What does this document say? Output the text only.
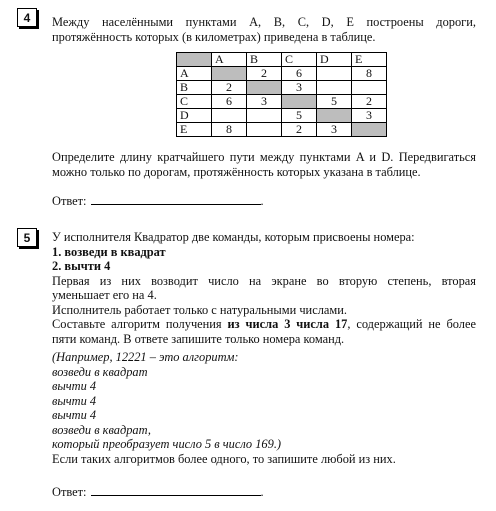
4 Между населёнными пунктами A, B, C, D, E построены дороги,

протяжённость которых (в километрах) приведена в таблице.

	A	B	C	D	E
A		2	6		8
B	2		3		
C	6	3		5	2
D			5		3
E	8		2	3	

Определите длину кратчайшего пути между пунктами A и D. Передвигаться

можно только по дорогам, протяжённость которых указана в таблице.

Ответ:	.
5 У исполнителя Квадратор две команды, которым присвоены номера:

1. возведи в квадрат

2. вычти 4

Первая из них возводит число на экране во вторую степень, вторая

уменьшает его на 4.

Исполнитель работает только с натуральными числами.

Составьте алгоритм получения из числа 3 числа 17, содержащий не более

пяти команд. В ответе запишите только номера команд.

(Например, 12221 – это алгоритм:

возведи в квадрат

вычти 4

вычти 4

вычти 4

возведи в квадрат,

который преобразует число 5 в число 169.)

Если таких алгоритмов более одного, то запишите любой из них.

Ответ:	.
